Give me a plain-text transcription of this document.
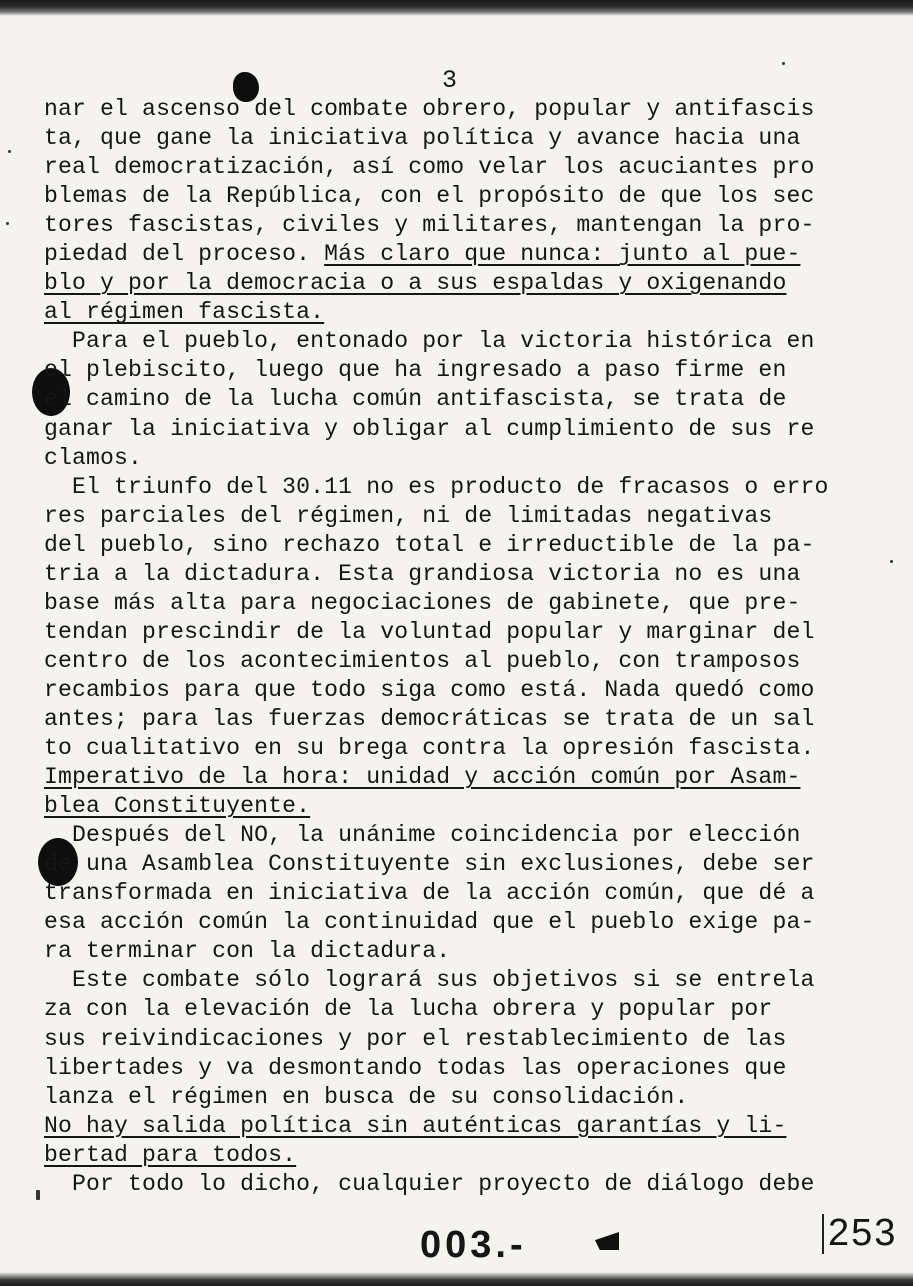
3
nar el ascenso del combate obrero, popular y antifascis
ta, que gane la iniciativa política y avance hacia una
real democratización, así como velar los acuciantes pro
blemas de la República, con el propósito de que los sec
tores fascistas, civiles y militares, mantengan la pro-
piedad del proceso. Más claro que nunca: junto al pue-
blo y por la democracia o a sus espaldas y oxigenando
al régimen fascista.
Para el pueblo, entonado por la victoria histórica en
el plebiscito, luego que ha ingresado a paso firme en
el camino de la lucha común antifascista, se trata de
ganar la iniciativa y obligar al cumplimiento de sus re
clamos.
El triunfo del 30.11 no es producto de fracasos o erro
res parciales del régimen, ni de limitadas negativas
del pueblo, sino rechazo total e irreductible de la pa-
tria a la dictadura. Esta grandiosa victoria no es una
base más alta para negociaciones de gabinete, que pre-
tendan prescindir de la voluntad popular y marginar del
centro de los acontecimientos al pueblo, con tramposos
recambios para que todo siga como está. Nada quedó como
antes; para las fuerzas democráticas se trata de un sal
to cualitativo en su brega contra la opresión fascista.
Imperativo de la hora: unidad y acción común por Asam-
blea Constituyente.
Después del NO, la unánime coincidencia por elección
de una Asamblea Constituyente sin exclusiones, debe ser
transformada en iniciativa de la acción común, que dé a
esa acción común la continuidad que el pueblo exige pa-
ra terminar con la dictadura.
Este combate sólo logrará sus objetivos si se entrela
za con la elevación de la lucha obrera y popular por
sus reivindicaciones y por el restablecimiento de las
libertades y va desmontando todas las operaciones que
lanza el régimen en busca de su consolidación.
No hay salida política sin auténticas garantías y li-
bertad para todos.
Por todo lo dicho, cualquier proyecto de diálogo debe
003.-	253
